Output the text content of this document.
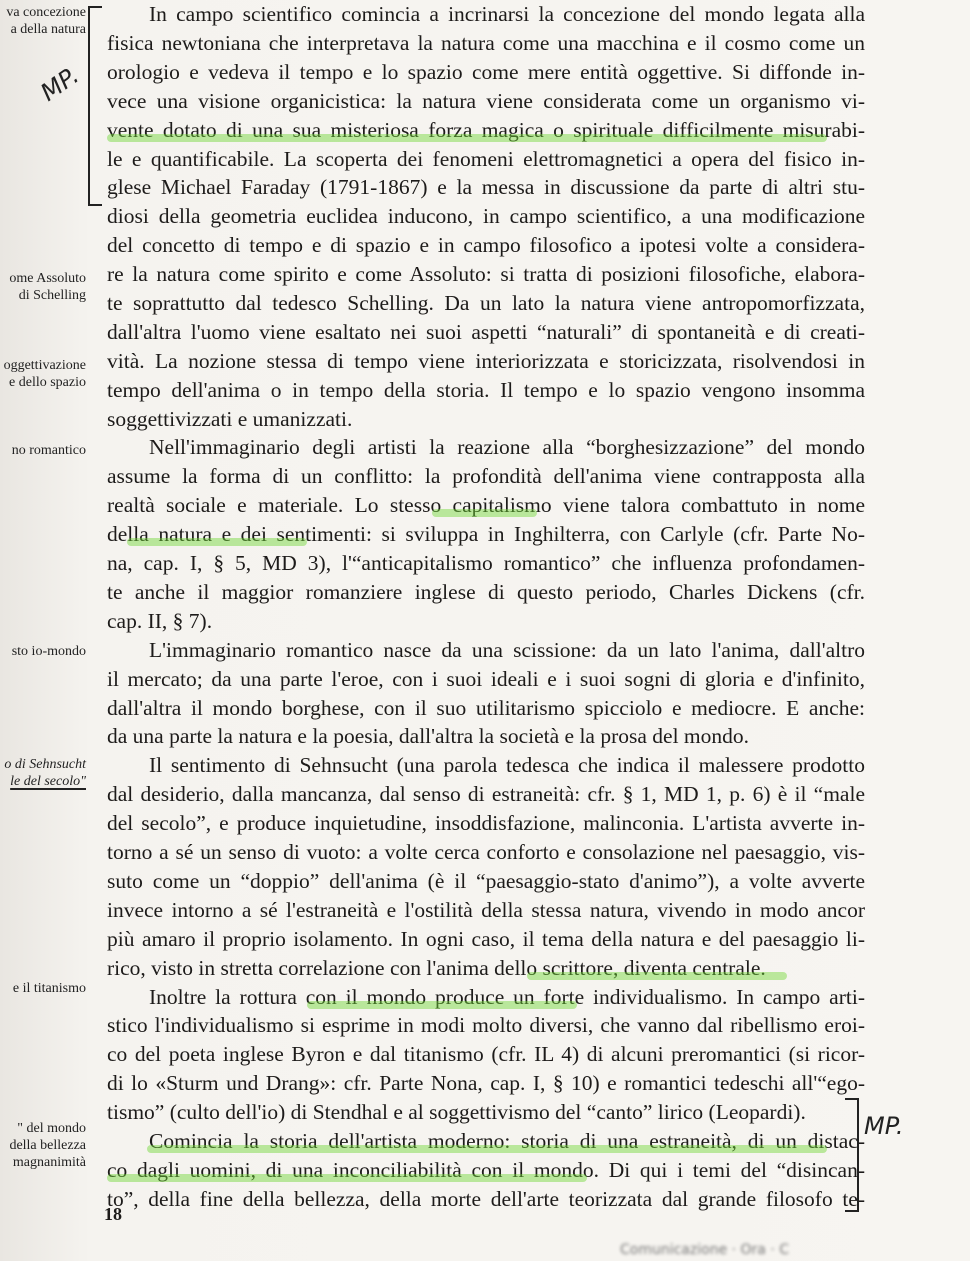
va concezione
a della natura
ome Assoluto
di Schelling
oggettivazione
e dello spazio
no romantico
sto io-mondo
o di Sehnsucht
le del secolo"
e il titanismo
" del mondo
della bellezza
magnanimità
MP.
MP.
In campo scientifico comincia a incrinarsi la concezione del mondo legata alla
fisica newtoniana che interpretava la natura come una macchina e il cosmo come un
orologio e vedeva il tempo e lo spazio come mere entità oggettive. Si diffonde in-
vece una visione organicistica: la natura viene considerata come un organismo vi-
vente dotato di una sua misteriosa forza magica o spirituale difficilmente misurabi-
le e quantificabile. La scoperta dei fenomeni elettromagnetici a opera del fisico in-
glese Michael Faraday (1791-1867) e la messa in discussione da parte di altri stu-
diosi della geometria euclidea inducono, in campo scientifico, a una modificazione
del concetto di tempo e di spazio e in campo filosofico a ipotesi volte a considera-
re la natura come spirito e come Assoluto: si tratta di posizioni filosofiche, elabora-
te soprattutto dal tedesco Schelling. Da un lato la natura viene antropomorfizzata,
dall'altra l'uomo viene esaltato nei suoi aspetti “naturali” di spontaneità e di creati-
vità. La nozione stessa di tempo viene interiorizzata e storicizzata, risolvendosi in
tempo dell'anima o in tempo della storia. Il tempo e lo spazio vengono insomma
soggettivizzati e umanizzati.
Nell'immaginario degli artisti la reazione alla “borghesizzazione” del mondo
assume la forma di un conflitto: la profondità dell'anima viene contrapposta alla
realtà sociale e materiale. Lo stesso capitalismo viene talora combattuto in nome
della natura e dei sentimenti: si sviluppa in Inghilterra, con Carlyle (cfr. Parte No-
na, cap. I, § 5, MD 3), l'“anticapitalismo romantico” che influenza profondamen-
te anche il maggior romanziere inglese di questo periodo, Charles Dickens (cfr.
cap. II, § 7).
L'immaginario romantico nasce da una scissione: da un lato l'anima, dall'altro
il mercato; da una parte l'eroe, con i suoi ideali e i suoi sogni di gloria e d'infinito,
dall'altra il mondo borghese, con il suo utilitarismo spicciolo e mediocre. E anche:
da una parte la natura e la poesia, dall'altra la società e la prosa del mondo.
Il sentimento di Sehnsucht (una parola tedesca che indica il malessere prodotto
dal desiderio, dalla mancanza, dal senso di estraneità: cfr. § 1, MD 1, p. 6) è il “male
del secolo”, e produce inquietudine, insoddisfazione, malinconia. L'artista avverte in-
torno a sé un senso di vuoto: a volte cerca conforto e consolazione nel paesaggio, vis-
suto come un “doppio” dell'anima (è il “paesaggio-stato d'animo”), a volte avverte
invece intorno a sé l'estraneità e l'ostilità della stessa natura, vivendo in modo ancor
più amaro il proprio isolamento. In ogni caso, il tema della natura e del paesaggio li-
rico, visto in stretta correlazione con l'anima dello scrittore, diventa centrale.
Inoltre la rottura con il mondo produce un forte individualismo. In campo arti-
stico l'individualismo si esprime in modi molto diversi, che vanno dal ribellismo eroi-
co del poeta inglese Byron e dal titanismo (cfr. IL 4) di alcuni preromantici (si ricor-
di lo «Sturm und Drang»: cfr. Parte Nona, cap. I, § 10) e romantici tedeschi all'“ego-
tismo” (culto dell'io) di Stendhal e al soggettivismo del “canto” lirico (Leopardi).
Comincia la storia dell'artista moderno: storia di una estraneità, di un distac-
co dagli uomini, di una inconciliabilità con il mondo. Di qui i temi del “disincan-
to”, della fine della bellezza, della morte dell'arte teorizzata dal grande filosofo te-
18
Comunicazione · Ora · C
